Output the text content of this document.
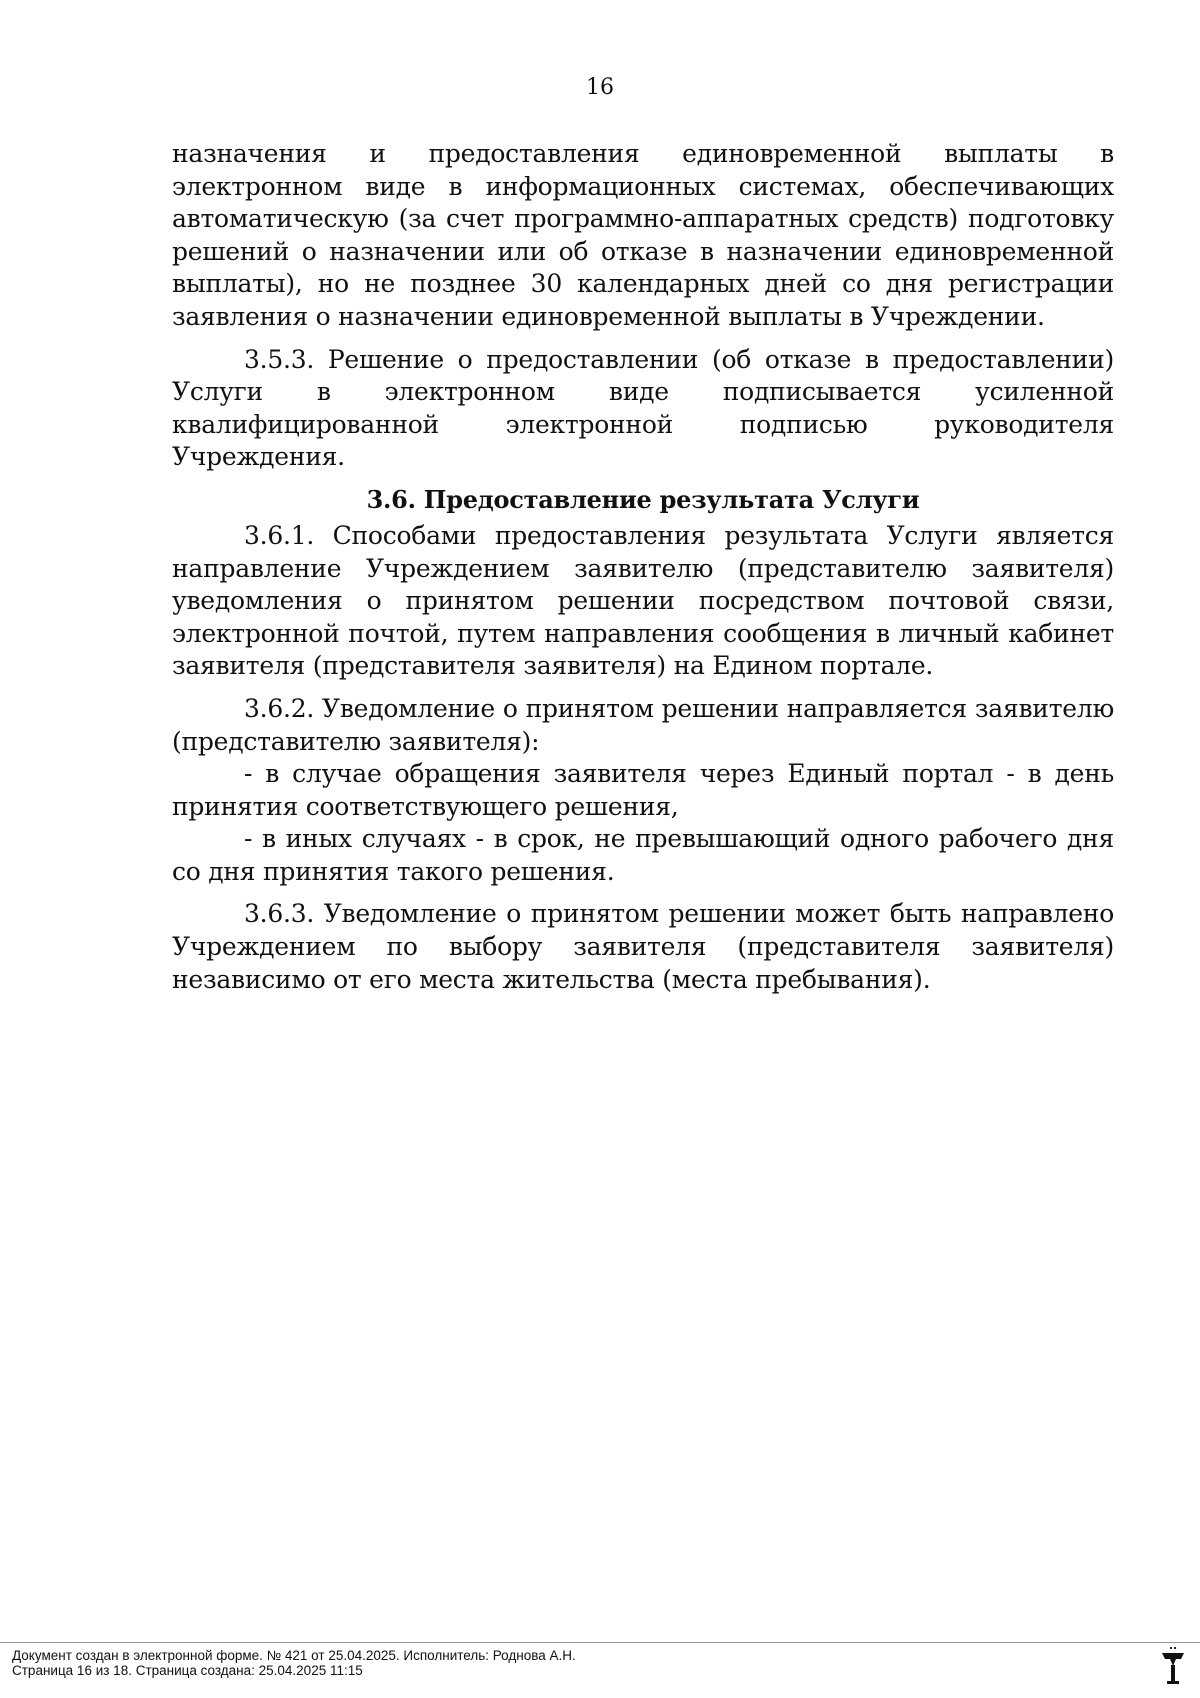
16

назначения и предоставления единовременной выплаты в электронном виде в информационных системах, обеспечивающих автоматическую (за счет программно-аппаратных средств) подготовку решений о назначении или об отказе в назначении единовременной выплаты), но не позднее 30 календарных дней со дня регистрации заявления о назначении единовременной выплаты в Учреждении.

3.5.3. Решение о предоставлении (об отказе в предоставлении) Услуги в электронном виде подписывается усиленной квалифицированной электронной подписью руководителя Учреждения.

3.6. Предоставление результата Услуги

3.6.1. Способами предоставления результата Услуги является направление Учреждением заявителю (представителю заявителя) уведомления о принятом решении посредством почтовой связи, электронной почтой, путем направления сообщения в личный кабинет заявителя (представителя заявителя) на Едином портале.

3.6.2. Уведомление о принятом решении направляется заявителю (представителю заявителя):

- в случае обращения заявителя через Единый портал - в день принятия соответствующего решения,

- в иных случаях - в срок, не превышающий одного рабочего дня со дня принятия такого решения.

3.6.3. Уведомление о принятом решении может быть направлено Учреждением по выбору заявителя (представителя заявителя) независимо от его места жительства (места пребывания).

Документ создан в электронной форме. № 421 от 25.04.2025. Исполнитель: Роднова А.Н.
Страница 16 из 18. Страница создана: 25.04.2025 11:15
